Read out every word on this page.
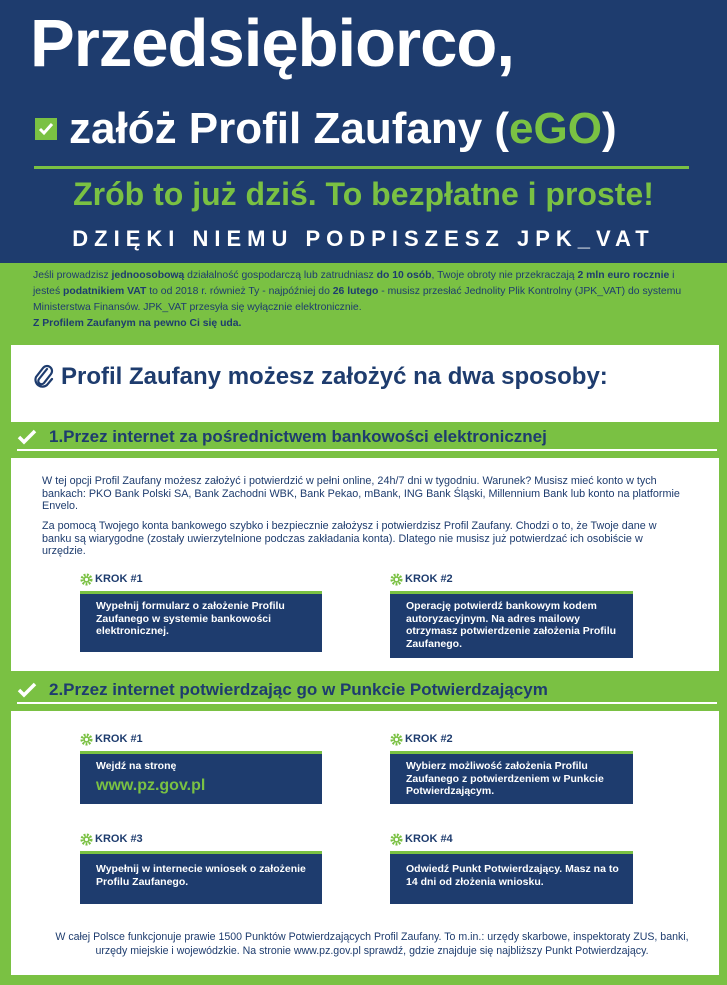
Przedsiębiorco,
załóż Profil Zaufany (eGO)
Zrób to już dziś. To bezpłatne i proste!
DZIĘKI NIEMU PODPISZESZ JPK_VAT
Jeśli prowadzisz jednoosobową działalność gospodarczą lub zatrudniasz do 10 osób, Twoje obroty nie przekraczają 2 mln euro rocznie i jesteś podatnikiem VAT to od 2018 r. również Ty - najpóźniej do 26 lutego - musisz przesłać Jednolity Plik Kontrolny (JPK_VAT) do systemu Ministerstwa Finansów. JPK_VAT przesyła się wyłącznie elektronicznie.
Z Profilem Zaufanym na pewno Ci się uda.
Profil Zaufany możesz założyć na dwa sposoby:
1.Przez internet za pośrednictwem bankowości elektronicznej
W tej opcji Profil Zaufany możesz założyć i potwierdzić w pełni online, 24h/7 dni w tygodniu. Warunek? Musisz mieć konto w tych bankach: PKO Bank Polski SA, Bank Zachodni WBK, Bank Pekao, mBank, ING Bank Śląski, Millennium Bank lub konto na platformie Envelo.
Za pomocą Twojego konta bankowego szybko i bezpiecznie założysz i potwierdzisz Profil Zaufany. Chodzi o to, że Twoje dane w banku są wiarygodne (zostały uwierzytelnione podczas zakładania konta). Dlatego nie musisz już potwierdzać ich osobiście w urzędzie.
KROK #1
Wypełnij formularz o założenie Profilu Zaufanego w systemie bankowości elektronicznej.
KROK #2
Operację potwierdź bankowym kodem autoryzacyjnym. Na adres mailowy otrzymasz potwierdzenie założenia Profilu Zaufanego.
2.Przez internet potwierdzając go w Punkcie Potwierdzającym
KROK #1
Wejdź na stronę
www.pz.gov.pl
KROK #2
Wybierz możliwość założenia Profilu Zaufanego z potwierdzeniem w Punkcie Potwierdzającym.
KROK #3
Wypełnij w internecie wniosek o założenie Profilu Zaufanego.
KROK #4
Odwiedź Punkt Potwierdzający. Masz na to 14 dni od złożenia wniosku.
W całej Polsce funkcjonuje prawie 1500 Punktów Potwierdzających Profil Zaufany. To m.in.: urzędy skarbowe, inspektoraty ZUS, banki, urzędy miejskie i wojewódzkie. Na stronie www.pz.gov.pl sprawdź, gdzie znajduje się najbliższy Punkt Potwierdzający.
